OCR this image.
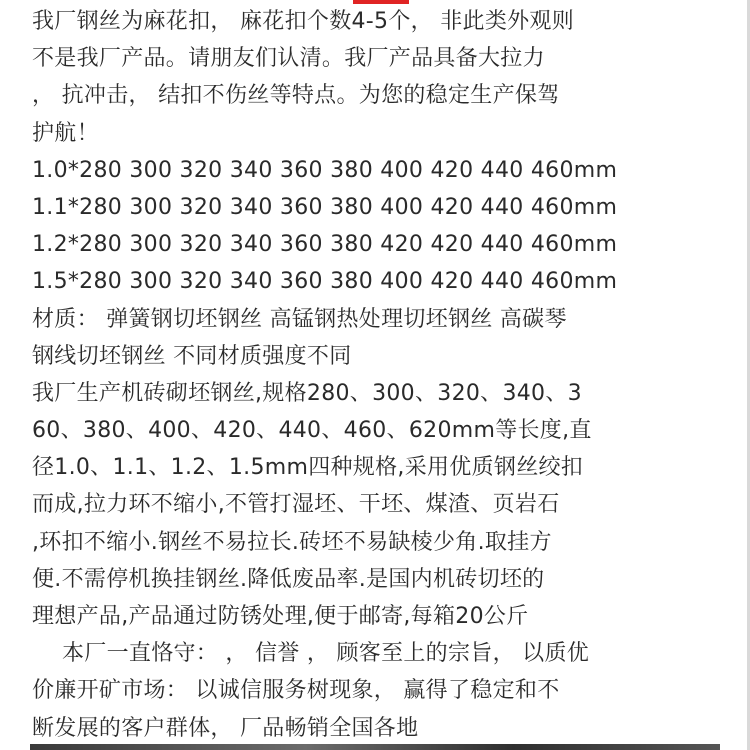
我厂钢丝为麻花扣， 麻花扣个数4-5个， 非此类外观则
不是我厂产品。请朋友们认清。我厂产品具备大拉力
， 抗冲击， 结扣不伤丝等特点。为您的稳定生产保驾
护航！
1.0*280 300 320 340 360 380 400 420 440 460mm
1.1*280 300 320 340 360 380 400 420 440 460mm
1.2*280 300 320 340 360 380 420 420 440 460mm
1.5*280 300 320 340 360 380 400 420 440 460mm
材质： 弹簧钢切坯钢丝 高锰钢热处理切坯钢丝 高碳琴
钢线切坯钢丝 不同材质强度不同
我厂生产机砖砌坯钢丝,规格280、300、320、340、3
60、380、400、420、440、460、620mm等长度,直
径1.0、1.1、1.2、1.5mm四种规格,采用优质钢丝绞扣
而成,拉力环不缩小,不管打湿坯、干坯、煤渣、页岩石
,环扣不缩小.钢丝不易拉长.砖坯不易缺棱少角.取挂方
便.不需停机换挂钢丝.降低废品率.是国内机砖切坯的
理想产品,产品通过防锈处理,便于邮寄,每箱20公斤
本厂一直恪守： ， 信誉 ， 顾客至上的宗旨， 以质优
价廉开矿市场： 以诚信服务树现象， 赢得了稳定和不
断发展的客户群体， 厂品畅销全国各地
